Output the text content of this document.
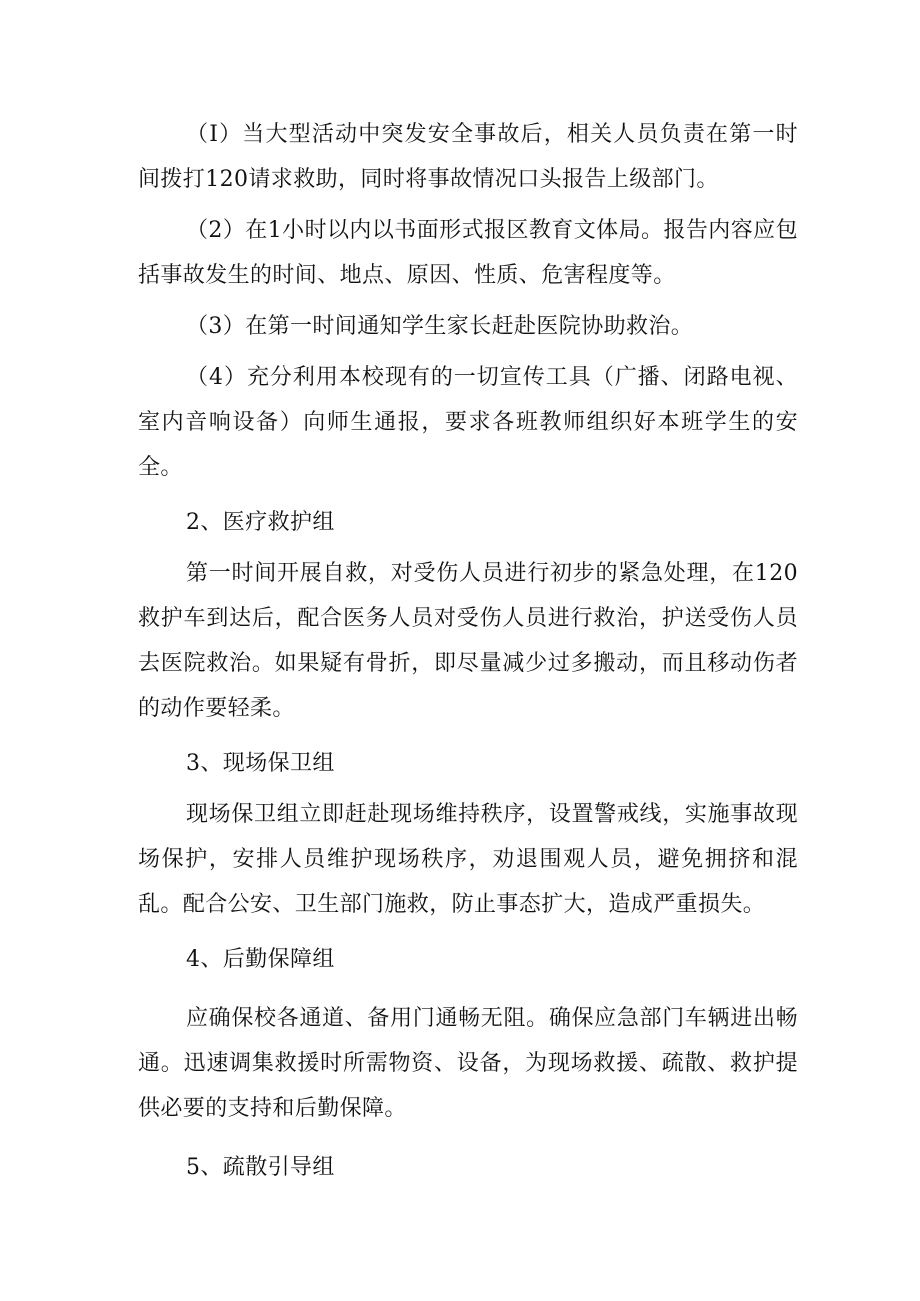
（I）当大型活动中突发安全事故后，相关人员负责在第一时间拨打120请求救助，同时将事故情况口头报告上级部门。

（2）在1小时以内以书面形式报区教育文体局。报告内容应包括事故发生的时间、地点、原因、性质、危害程度等。

（3）在第一时间通知学生家长赶赴医院协助救治。

（4）充分利用本校现有的一切宣传工具（广播、闭路电视、室内音响设备）向师生通报，要求各班教师组织好本班学生的安全。

2、医疗救护组

第一时间开展自救，对受伤人员进行初步的紧急处理，在120救护车到达后，配合医务人员对受伤人员进行救治，护送受伤人员去医院救治。如果疑有骨折，即尽量减少过多搬动，而且移动伤者的动作要轻柔。

3、现场保卫组

现场保卫组立即赶赴现场维持秩序，设置警戒线，实施事故现场保护，安排人员维护现场秩序，劝退围观人员，避免拥挤和混乱。配合公安、卫生部门施救，防止事态扩大，造成严重损失。

4、后勤保障组

应确保校各通道、备用门通畅无阻。确保应急部门车辆进出畅通。迅速调集救援时所需物资、设备，为现场救援、疏散、救护提供必要的支持和后勤保障。

5、疏散引导组
